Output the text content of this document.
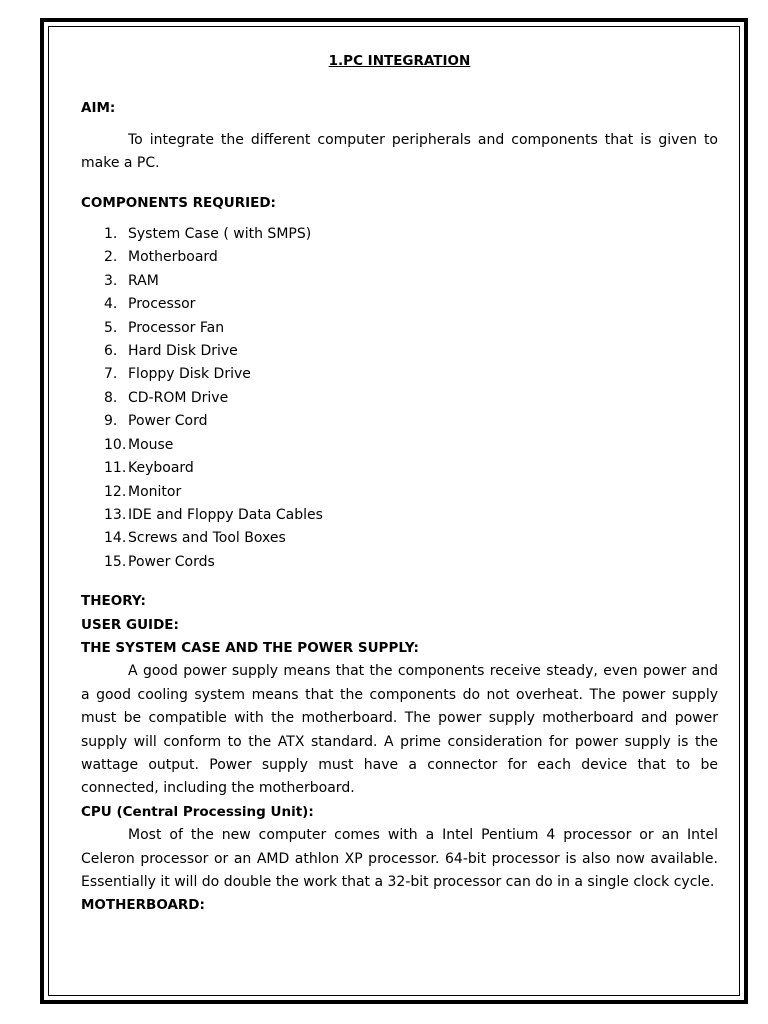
1.PC INTEGRATION

AIM:

To integrate the different computer peripherals and components that is given to make a PC.

COMPONENTS REQURIED:

1. System Case ( with SMPS)
2. Motherboard
3. RAM
4. Processor
5. Processor Fan
6. Hard Disk Drive
7. Floppy Disk Drive
8. CD-ROM Drive
9. Power Cord
10. Mouse
11. Keyboard
12. Monitor
13. IDE and Floppy Data Cables
14. Screws and Tool Boxes
15. Power Cords

THEORY:

USER GUIDE:

THE SYSTEM CASE AND THE POWER SUPPLY:

A good power supply means that the components receive steady, even power and a good cooling system means that the components do not overheat. The power supply must be compatible with the motherboard. The power supply motherboard and power supply will conform to the ATX standard. A prime consideration for power supply is the wattage output. Power supply must have a connector for each device that to be connected, including the motherboard.

CPU (Central Processing Unit):

Most of the new computer comes with a Intel Pentium 4 processor or an Intel Celeron processor or an AMD athlon XP processor. 64-bit processor is also now available. Essentially it will do double the work that a 32-bit processor can do in a single clock cycle.

MOTHERBOARD:
